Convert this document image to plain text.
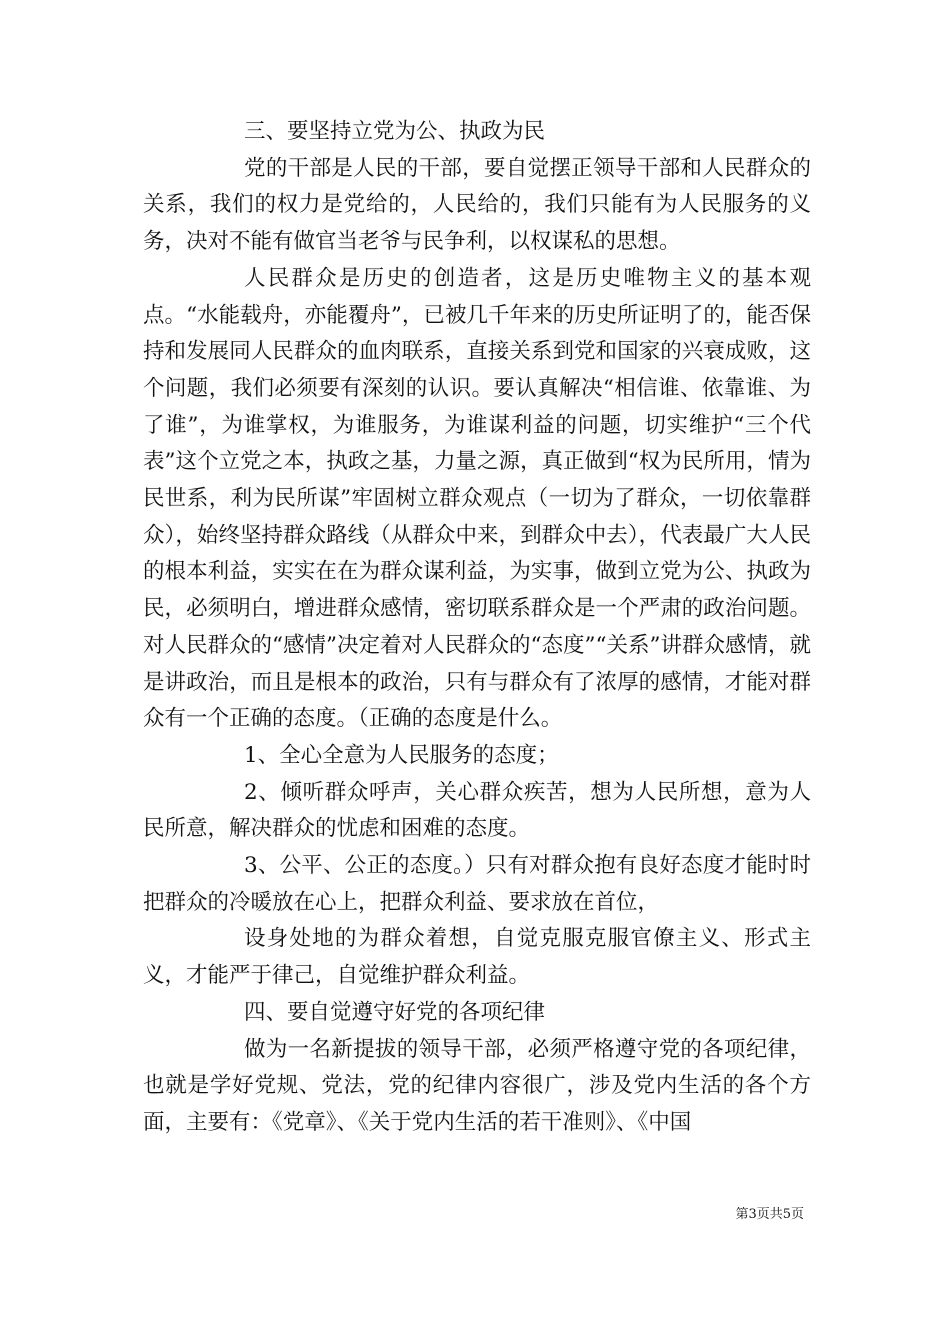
三、要坚持立党为公、执政为民

党的干部是人民的干部，要自觉摆正领导干部和人民群众的关系，我们的权力是党给的，人民给的，我们只能有为人民服务的义务，决对不能有做官当老爷与民争利，以权谋私的思想。

人民群众是历史的创造者，这是历史唯物主义的基本观点。“水能载舟，亦能覆舟”，已被几千年来的历史所证明了的，能否保持和发展同人民群众的血肉联系，直接关系到党和国家的兴衰成败，这个问题，我们必须要有深刻的认识。要认真解决“相信谁、依靠谁、为了谁”，为谁掌权，为谁服务，为谁谋利益的问题，切实维护“三个代表”这个立党之本，执政之基，力量之源，真正做到“权为民所用，情为民世系，利为民所谋”牢固树立群众观点（一切为了群众，一切依靠群众），始终坚持群众路线（从群众中来，到群众中去），代表最广大人民的根本利益，实实在在为群众谋利益，为实事，做到立党为公、执政为民，必须明白，增进群众感情，密切联系群众是一个严肃的政治问题。对人民群众的“感情”决定着对人民群众的“态度”“关系”讲群众感情，就是讲政治，而且是根本的政治，只有与群众有了浓厚的感情，才能对群众有一个正确的态度。（正确的态度是什么。

1、全心全意为人民服务的态度；

2、倾听群众呼声，关心群众疾苦，想为人民所想，意为人民所意，解决群众的忧虑和困难的态度。

3、公平、公正的态度。）只有对群众抱有良好态度才能时时把群众的冷暖放在心上，把群众利益、要求放在首位，

设身处地的为群众着想，自觉克服克服官僚主义、形式主义，才能严于律己，自觉维护群众利益。

四、要自觉遵守好党的各项纪律

做为一名新提拔的领导干部，必须严格遵守党的各项纪律，也就是学好党规、党法，党的纪律内容很广，涉及党内生活的各个方面，主要有：《党章》、《关于党内生活的若干准则》、《中国

第3页共5页
